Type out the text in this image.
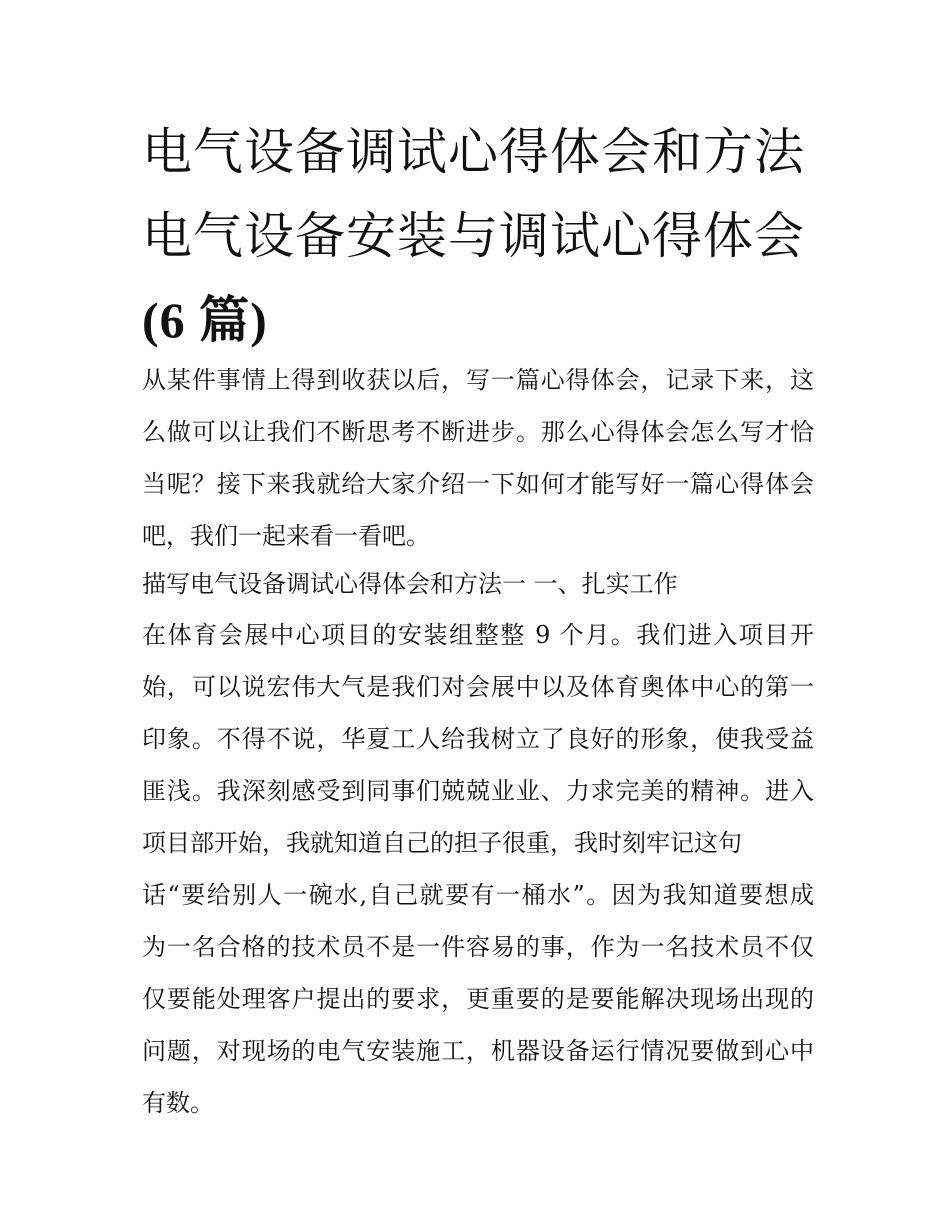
电气设备调试心得体会和方法
电气设备安装与调试心得体会
(6 篇)

从某件事情上得到收获以后，写一篇心得体会，记录下来，这
么做可以让我们不断思考不断进步。那么心得体会怎么写才恰
当呢？接下来我就给大家介绍一下如何才能写好一篇心得体会
吧，我们一起来看一看吧。

描写电气设备调试心得体会和方法一 一、扎实工作

在体育会展中心项目的安装组整整 9 个月。我们进入项目开
始，可以说宏伟大气是我们对会展中以及体育奥体中心的第一
印象。不得不说，华夏工人给我树立了良好的形象，使我受益
匪浅。我深刻感受到同事们兢兢业业、力求完美的精神。进入
项目部开始，我就知道自己的担子很重，我时刻牢记这句
话“要给别人一碗水,自己就要有一桶水”。因为我知道要想成
为一名合格的技术员不是一件容易的事，作为一名技术员不仅
仅要能处理客户提出的要求，更重要的是要能解决现场出现的
问题，对现场的电气安装施工，机器设备运行情况要做到心中
有数。
